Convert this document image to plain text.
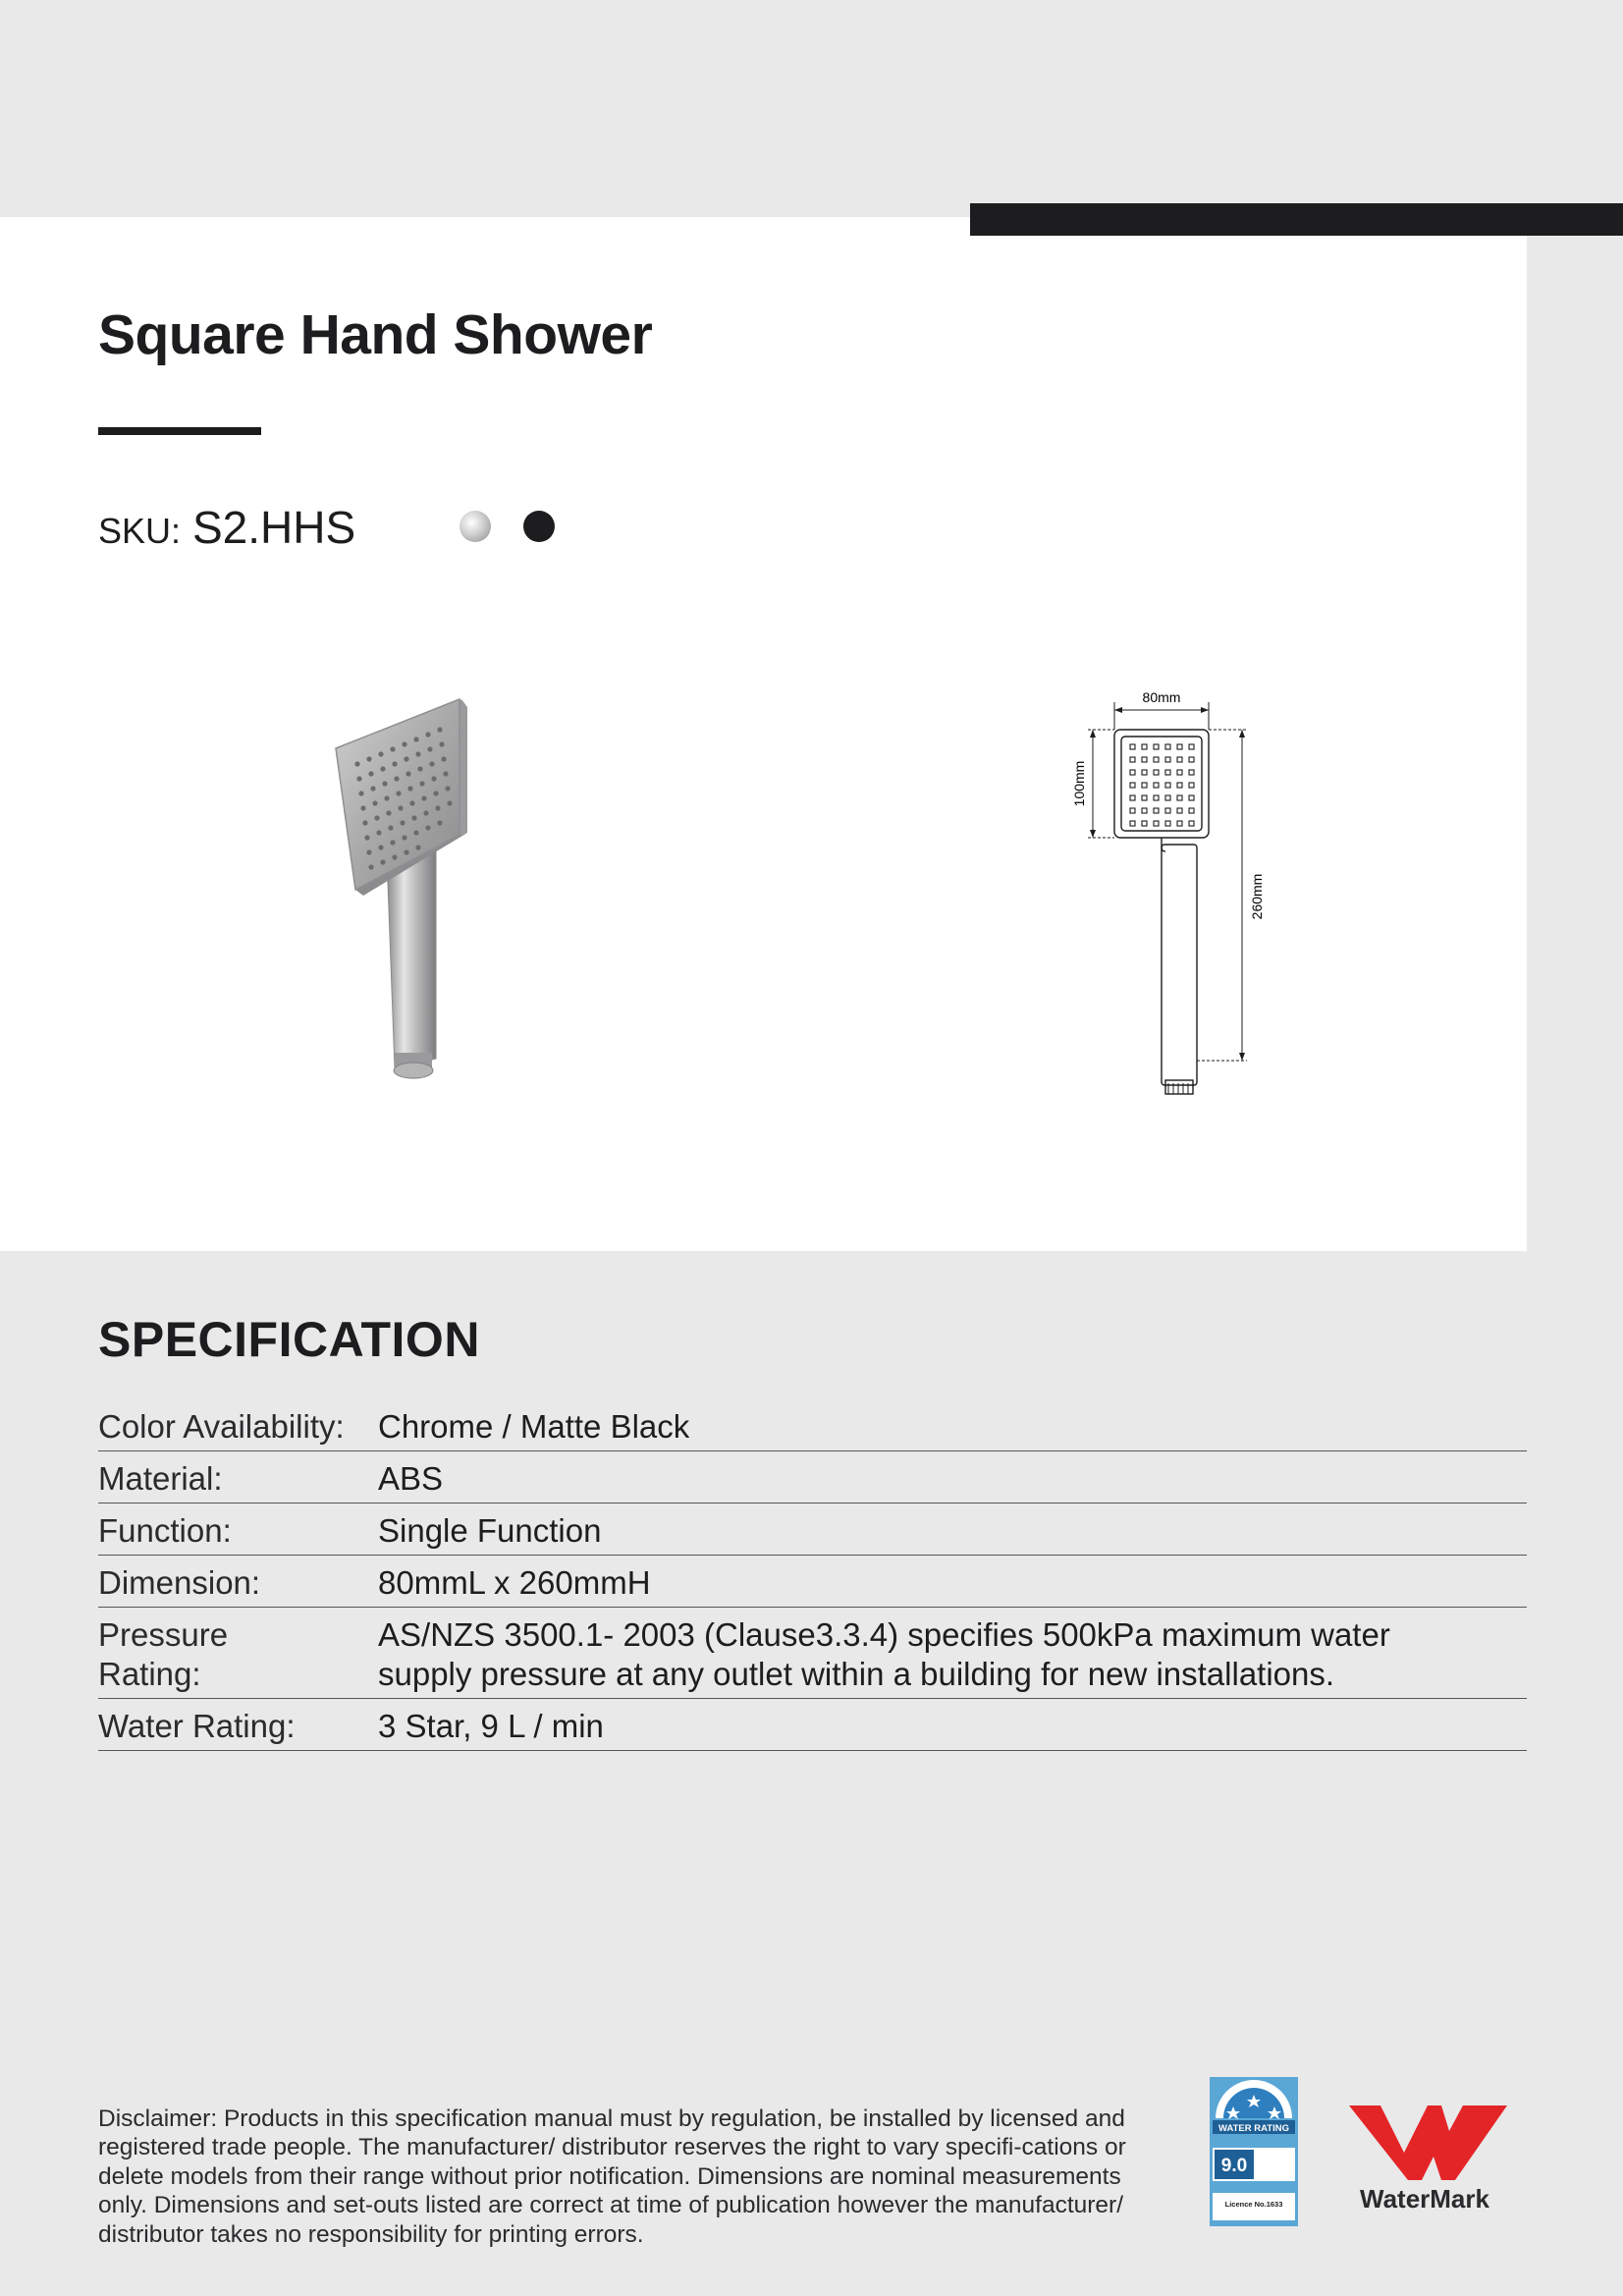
Square Hand Shower
SKU: S2.HHS
80mm
100mm
260mm
SPECIFICATION
Color Availability:	Chrome / Matte Black
Material:	ABS
Function:	Single Function
Dimension:	80mmL x 260mmH
Pressure Rating:
AS/NZS 3500.1- 2003 (Clause3.3.4) specifies 500kPa maximum water supply pressure at any outlet within a building for new installations.
Water Rating:	3 Star, 9 L / min

Disclaimer: Products in this specification manual must by regulation, be installed by licensed and registered trade people. The manufacturer/ distributor reserves the right to vary specifi-cations or delete models from their range without prior notification. Dimensions are nominal measurements only. Dimensions and set-outs listed are correct at time of publication however the manufacturer/ distributor takes no responsibility for printing errors.

WATER RATING
9.0
Licence No.1633	WaterMark
